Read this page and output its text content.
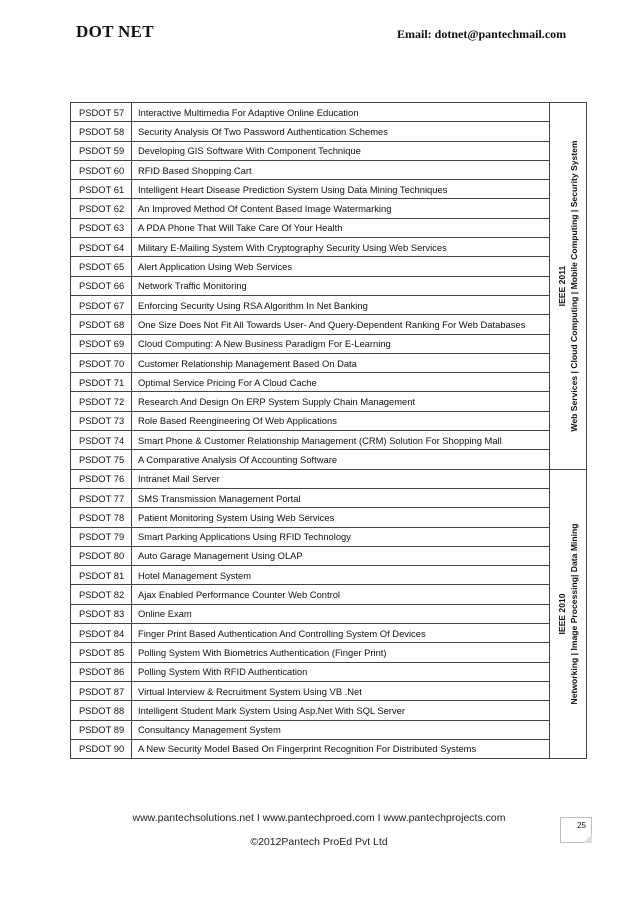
DOT NET	Email: dotnet@pantechmail.com
PSDOT 57	Interactive Multimedia For Adaptive Online Education	IEEE 2011 Web Services | Cloud Computing | Mobile Computing | Security System

PSDOT 58	Security Analysis Of Two Password Authentication Schemes	
PSDOT 59	Developing GIS Software With Component Technique	
PSDOT 60	RFID Based Shopping Cart	
PSDOT 61	Intelligent Heart Disease Prediction System Using Data Mining Techniques	
PSDOT 62	An Improved Method Of Content Based Image Watermarking	
PSDOT 63	A PDA Phone That Will Take Care Of Your Health	
PSDOT 64	Military E-Mailing System With Cryptography Security Using Web Services	
PSDOT 65	Alert Application Using Web Services	
PSDOT 66	Network Traffic Monitoring	
PSDOT 67	Enforcing Security Using RSA Algorithm In Net Banking	
PSDOT 68	One Size Does Not Fit All Towards User- And Query-Dependent Ranking For Web Databases	
PSDOT 69	Cloud Computing: A New Business Paradigm For E-Learning	
PSDOT 70	Customer Relationship Management Based On Data	
PSDOT 71	Optimal Service Pricing For A Cloud Cache	
PSDOT 72	Research And Design On ERP System Supply Chain Management	
PSDOT 73	Role Based Reengineering Of Web Applications	
PSDOT 74	Smart Phone & Customer Relationship Management (CRM) Solution For Shopping Mall	
PSDOT 75	A Comparative Analysis Of Accounting Software	
PSDOT 76	Intranet Mail Server	IEEE 2010 Networking | Image Processing| Data Mining

PSDOT 77	SMS Transmission Management Portal	
PSDOT 78	Patient Monitoring System Using Web Services	
PSDOT 79	Smart Parking Applications Using RFID Technology	
PSDOT 80	Auto Garage Management Using OLAP	
PSDOT 81	Hotel Management System	
PSDOT 82	Ajax Enabled Performance Counter Web Control	
PSDOT 83	Online Exam	
PSDOT 84	Finger Print Based Authentication And Controlling System Of Devices	
PSDOT 85	Polling System With Biometrics Authentication (Finger Print)	
PSDOT 86	Polling System With RFID Authentication	
PSDOT 87	Virtual Interview & Recruitment System Using VB .Net	
PSDOT 88	Intelligent Student Mark System Using Asp.Net With SQL Server	
PSDOT 89	Consultancy Management System	
PSDOT 90	A New Security Model Based On Fingerprint Recognition For Distributed Systems	
www.pantechsolutions.net I www.pantechproed.com I www.pantechprojects.com
©2012Pantech ProEd Pvt Ltd
25
